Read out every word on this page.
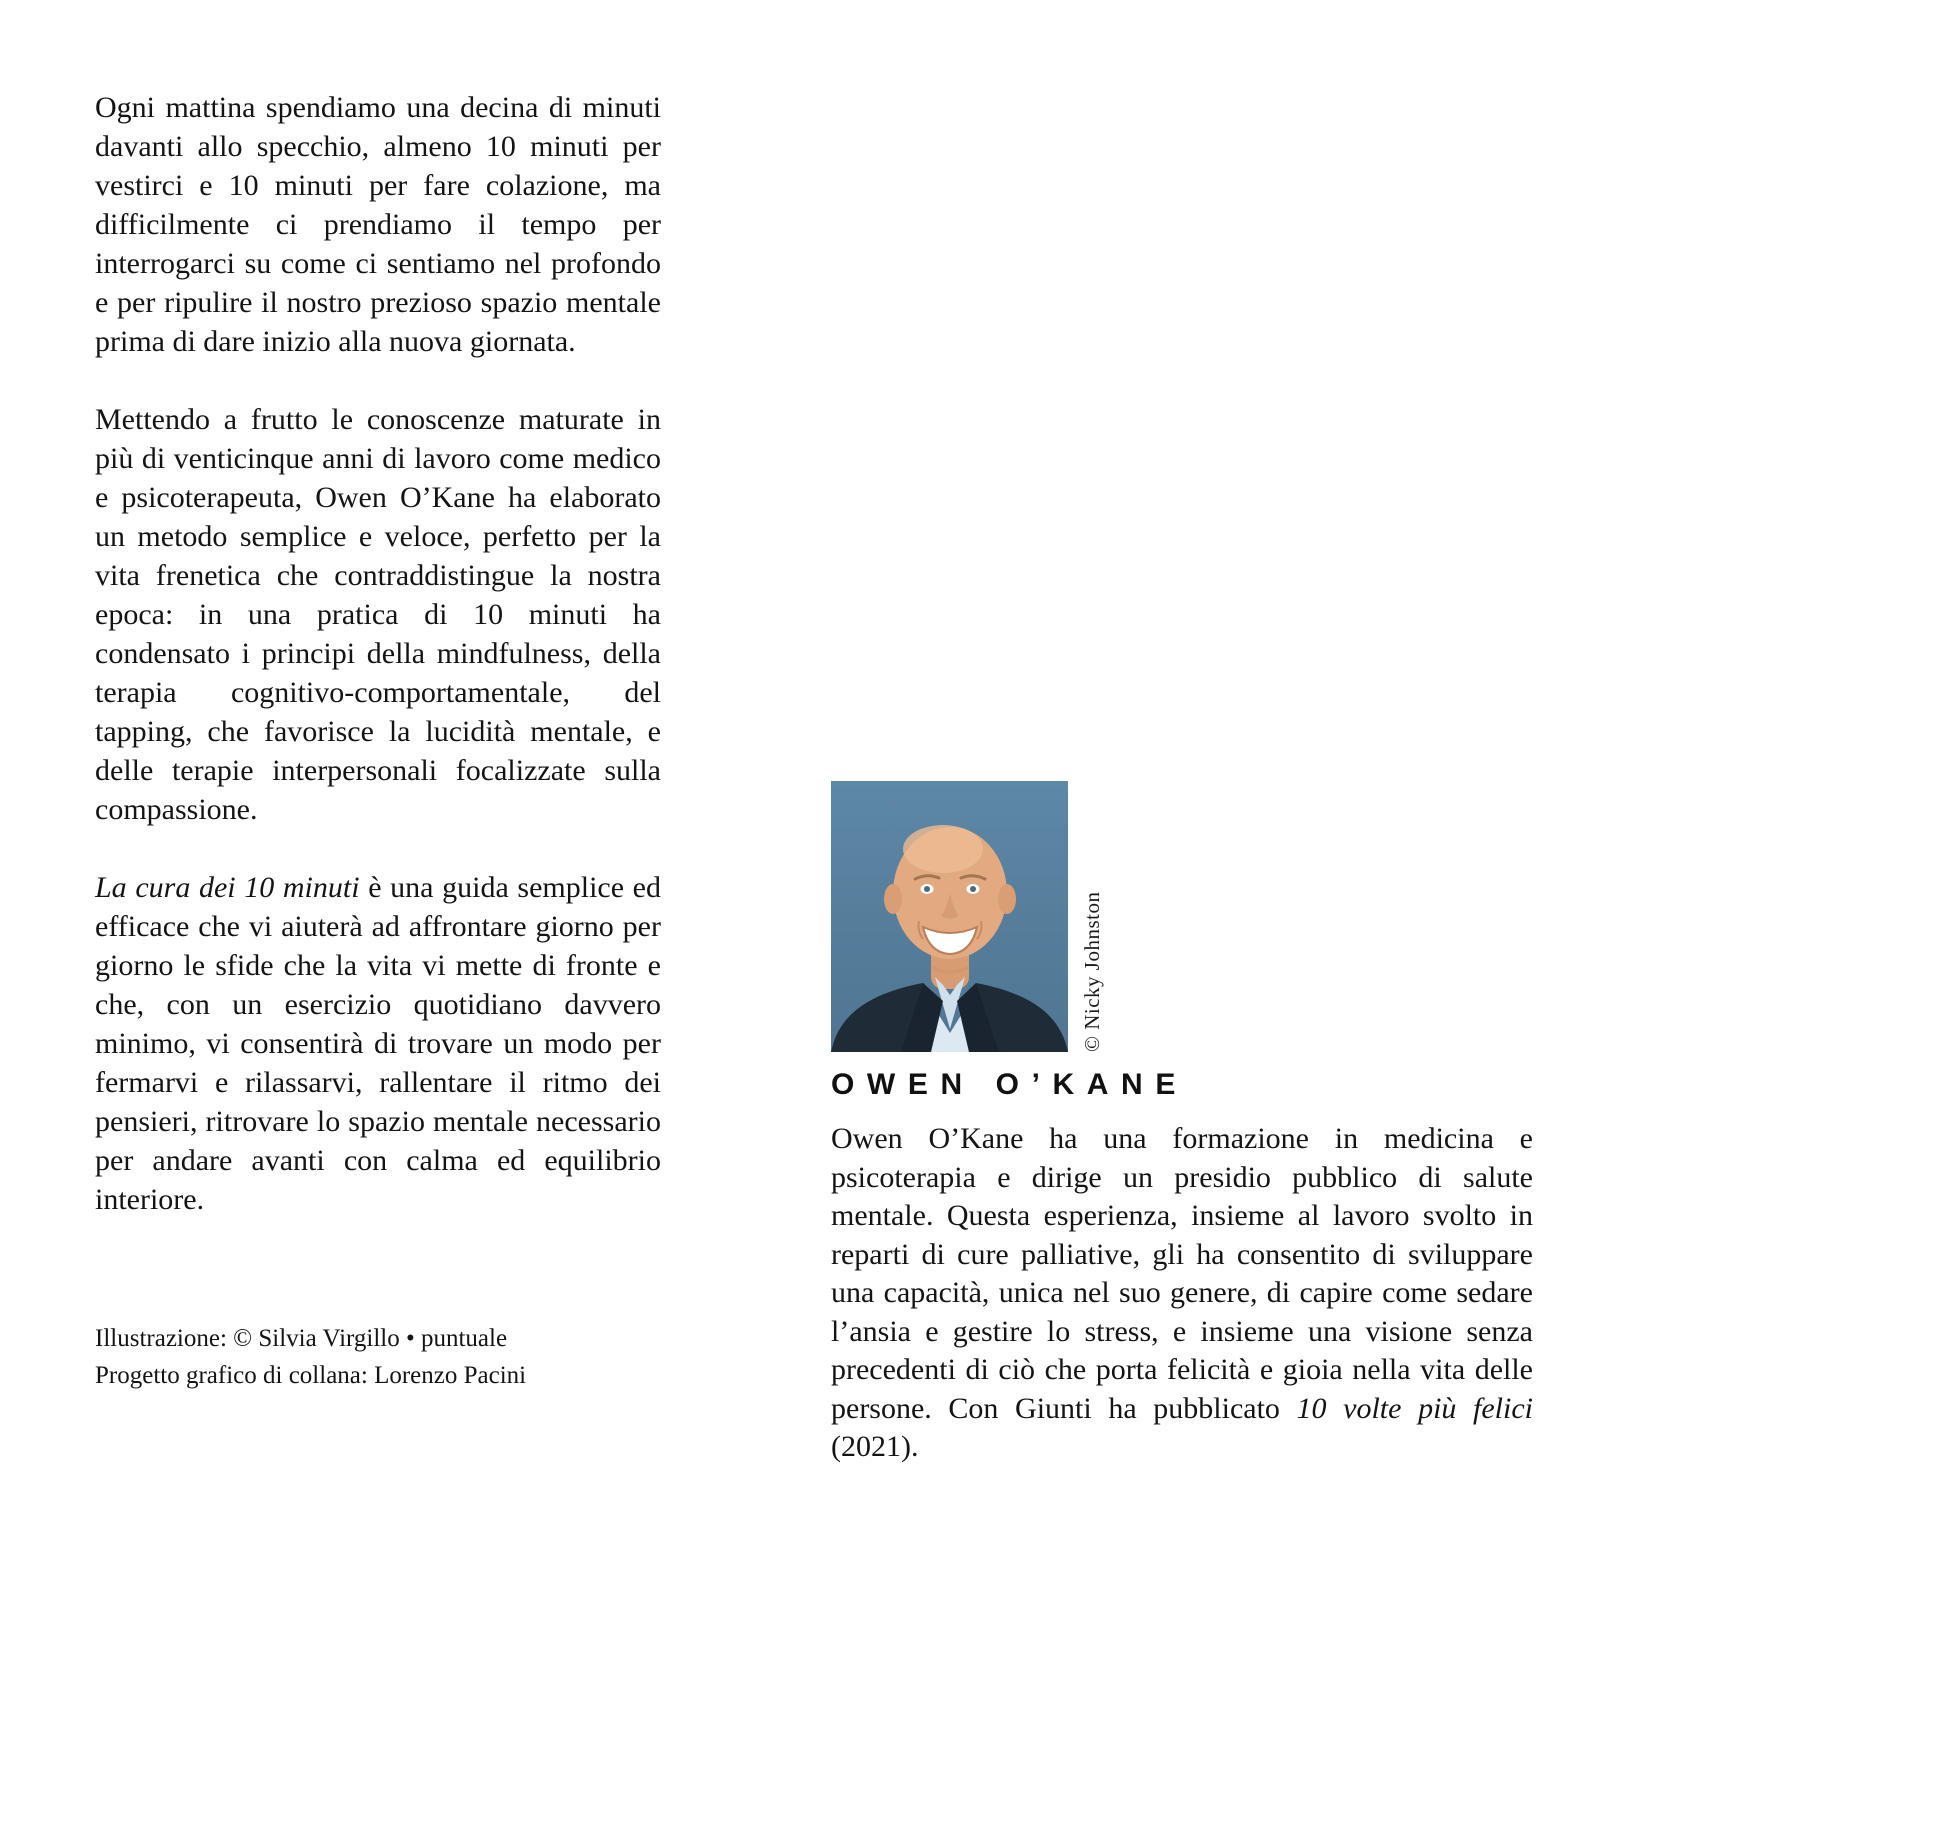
Ogni mattina spendiamo una decina di minuti davanti allo specchio, almeno 10 minuti per vestirci e 10 minuti per fare colazione, ma difficilmente ci prendiamo il tempo per interrogarci su come ci sentiamo nel profondo e per ripulire il nostro prezioso spazio mentale prima di dare inizio alla nuova giornata.

Mettendo a frutto le conoscenze maturate in più di venticinque anni di lavoro come medico e psicoterapeuta, Owen O’Kane ha elaborato un metodo semplice e veloce, perfetto per la vita frenetica che contraddistingue la nostra epoca: in una pratica di 10 minuti ha condensato i principi della mindfulness, della terapia cognitivo-comportamentale, del tapping, che favorisce la lucidità mentale, e delle terapie interpersonali focalizzate sulla compassione.

La cura dei 10 minuti è una guida semplice ed efficace che vi aiuterà ad affrontare giorno per giorno le sfide che la vita vi mette di fronte e che, con un esercizio quotidiano davvero minimo, vi consentirà di trovare un modo per fermarvi e rilassarvi, rallentare il ritmo dei pensieri, ritrovare lo spazio mentale necessario per andare avanti con calma ed equilibrio interiore.

Illustrazione: © Silvia Virgillo • puntuale
Progetto grafico di collana: Lorenzo Pacini
© Nicky Johnston
OWEN O’KANE
Owen O’Kane ha una formazione in medicina e psicoterapia e dirige un presidio pubblico di salute mentale. Questa esperienza, insieme al lavoro svolto in reparti di cure palliative, gli ha consentito di sviluppare una capacità, unica nel suo genere, di capire come sedare l’ansia e gestire lo stress, e insieme una visione senza precedenti di ciò che porta felicità e gioia nella vita delle persone. Con Giunti ha pubblicato 10 volte più felici (2021).
